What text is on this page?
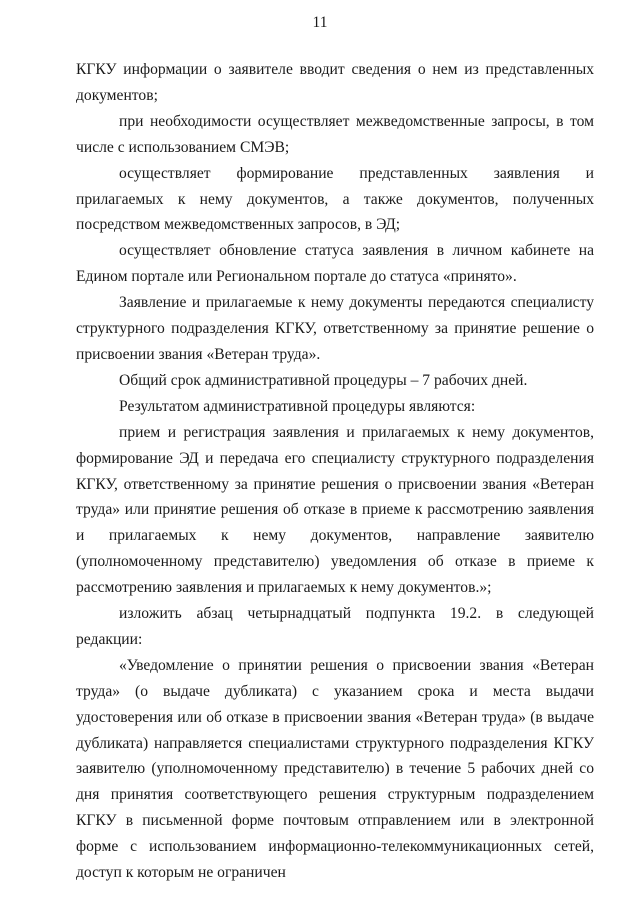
11

КГКУ информации о заявителе вводит сведения о нем из представленных документов;

при необходимости осуществляет межведомственные запросы, в том числе с использованием СМЭВ;

осуществляет формирование представленных заявления и прилагаемых к нему документов, а также документов, полученных посредством межведомственных запросов, в ЭД;

осуществляет обновление статуса заявления в личном кабинете на Едином портале или Региональном портале до статуса «принято».

Заявление и прилагаемые к нему документы передаются специалисту структурного подразделения КГКУ, ответственному за принятие решение о присвоении звания «Ветеран труда».

Общий срок административной процедуры – 7 рабочих дней.

Результатом административной процедуры являются:

прием и регистрация заявления и прилагаемых к нему документов, формирование ЭД и передача его специалисту структурного подразделения КГКУ, ответственному за принятие решения о присвоении звания «Ветеран труда» или принятие решения об отказе в приеме к рассмотрению заявления и прилагаемых к нему документов, направление заявителю (уполномоченному представителю) уведомления об отказе в приеме к рассмотрению заявления и прилагаемых к нему документов.»;

изложить абзац четырнадцатый подпункта 19.2. в следующей редакции:

«Уведомление о принятии решения о присвоении звания «Ветеран труда» (о выдаче дубликата) с указанием срока и места выдачи удостоверения или об отказе в присвоении звания «Ветеран труда» (в выдаче дубликата) направляется специалистами структурного подразделения КГКУ заявителю (уполномоченному представителю) в течение 5 рабочих дней со дня принятия соответствующего решения структурным подразделением КГКУ в письменной форме почтовым отправлением или в электронной форме с использованием информационно-телекоммуникационных сетей, доступ к которым не ограничен
